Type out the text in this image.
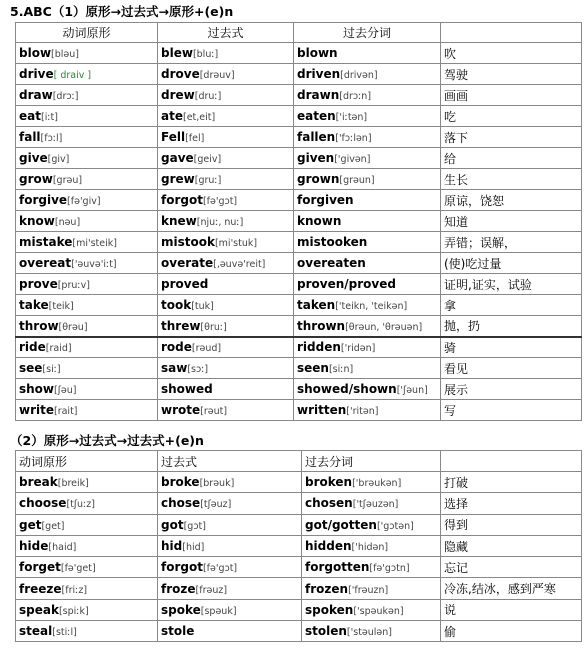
5.ABC（1）原形→过去式→原形+(e)n
动词原形	过去式	过去分词	
blow[bləu]	blew[bluː]	blown	吹
drive[ draiv ]	drove[drəuv]	driven[drivən]	驾驶
draw[drɔː]	drew[druː]	drawn[drɔːn]	画画
eat[iːt]	ate[et,eit]	eaten['iːtən]	吃
fall[fɔːl]	Fell[fel]	fallen['fɔːlən]	落下
give[giv]	gave[geiv]	given['givən]	给
grow[grəu]	grew[gruː]	grown[grəun]	生长
forgive[fə'giv]	forgot[fə'gɔt]	forgiven	原谅，饶恕
know[nəu]	knew[njuː, nuː]	known	知道
mistake[mi'steik]	mistook[mi'stuk]	mistooken	弄错；误解，
overeat['əuvə'iːt]	overate[,əuvə'reit]	overeaten	(使)吃过量
prove[pruːv]	proved	proven/proved	证明,证实，试验
take[teik]	took[tuk]	taken['teikn, 'teikən]	拿
throw[θrəu]	threw[θruː]	thrown[θrəun, 'θrəuən]	抛，扔
ride[raid]	rode[rəud]	ridden['ridən]	骑
see[siː]	saw[sɔː]	seen[siːn]	看见
show[ʃəu]	showed	showed/shown['ʃəun]	展示
write[rait]	wrote[rəut]	written['ritən]	写
（2）原形→过去式→过去式+(e)n
动词原形	过去式	过去分词	
break[breik]	broke[brəuk]	broken['brəukən]	打破
choose[tʃuːz]	chose[tʃəuz]	chosen['tʃəuzən]	选择
get[get]	got[gɔt]	got/gotten['gɔtən]	得到
hide[haid]	hid[hid]	hidden['hidən]	隐藏
forget[fə'get]	forgot[fə'gɔt]	forgotten[fə'gɔtn]	忘记
freeze[friːz]	froze[frəuz]	frozen['frəuzn]	冷冻,结冰，感到严寒
speak[spiːk]	spoke[spəuk]	spoken['spəukən]	说
steal[stiːl]	stole	stolen['stəulən]	偷
